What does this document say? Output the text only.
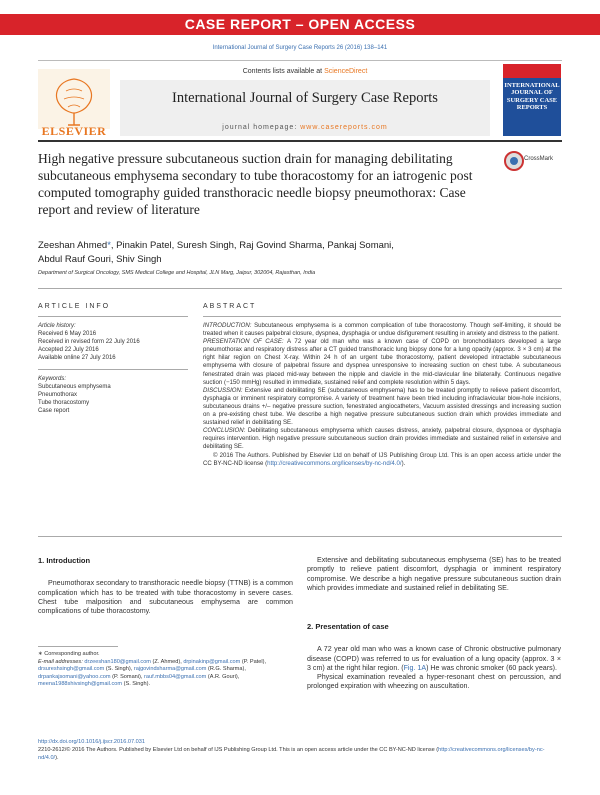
CASE REPORT – OPEN ACCESS
International Journal of Surgery Case Reports 26 (2016) 138–141
ELSEVIER
Contents lists available at ScienceDirect
International Journal of Surgery Case Reports
journal homepage: www.casereports.com
INTERNATIONAL JOURNAL OF SURGERY CASE REPORTS
High negative pressure subcutaneous suction drain for managing debilitating subcutaneous emphysema secondary to tube thoracostomy for an iatrogenic post computed tomography guided transthoracic needle biopsy pneumothorax: Case report and review of literature
CrossMark
Zeeshan Ahmed*, Pinakin Patel, Suresh Singh, Raj Govind Sharma, Pankaj Somani,
Abdul Rauf Gouri, Shiv Singh
Department of Surgical Oncology, SMS Medical College and Hospital, JLN Marg, Jaipur, 302004, Rajasthan, India
ARTICLE INFO	ABSTRACT
Article history:
Received 6 May 2016
Received in revised form 22 July 2016
Accepted 22 July 2016
Available online 27 July 2016
Keywords:
Subcutaneous emphysema
Pneumothorax
Tube thoracostomy
Case report

INTRODUCTION: Subcutaneous emphysema is a common complication of tube thoracostomy. Though self-limiting, it should be treated when it causes palpebral closure, dyspnea, dysphagia or undue disfigurement resulting in anxiety and distress to the patient.

PRESENTATION OF CASE: A 72 year old man who was a known case of COPD on bronchodilators developed a large pneumothorax and respiratory distress after a CT guided transthoracic lung biopsy done for a lung opacity (approx. 3 × 3 cm) at the right hilar region on Chest X-ray. Within 24 h of an urgent tube thoracostomy, patient developed intractable subcutaneous emphysema with closure of palpebral fissure and dyspnea unresponsive to increasing suction on chest tube. A subcutaneous fenestrated drain was placed mid-way between the nipple and clavicle in the mid-clavicular line bilaterally. Continuous negative suction (−150 mmHg) resulted in immediate, sustained relief and complete resolution within 5 days.

DISCUSSION: Extensive and debilitating SE (subcutaneous emphysema) has to be treated promptly to relieve patient discomfort, dysphagia or imminent respiratory compromise. A variety of treatment have been tried including infraclavicular blow-hole incisions, subcutaneous drains +/– negative pressure suction, fenestrated angiocatheters, Vacuum assisted dressings and increasing suction on a pre-existing chest tube. We describe a high negative pressure subcutaneous suction drain which provides immediate and sustained relief in debilitating SE.

CONCLUSION: Debilitating subcutaneous emphysema which causes distress, anxiety, palpebral closure, dyspnoea or dysphagia requires intervention. High negative pressure subcutaneous suction drain provides immediate and sustained relief in extensive and debilitating SE.

© 2016 The Authors. Published by Elsevier Ltd on behalf of IJS Publishing Group Ltd. This is an open access article under the CC BY-NC-ND license (http://creativecommons.org/licenses/by-nc-nd/4.0/).

1. Introduction

Pneumothorax secondary to transthoracic needle biopsy (TTNB) is a common complication which has to be treated with tube thoracostomy in severe cases. Chest tube malposition and subcutaneous emphysema are common complications of tube thoracostomy.

Extensive and debilitating subcutaneous emphysema (SE) has to be treated promptly to relieve patient discomfort, dysphagia or imminent respiratory compromise. We describe a high negative pressure subcutaneous suction drain which provides immediate and sustained relief in debilitating SE.

2. Presentation of case

A 72 year old man who was a known case of Chronic obstructive pulmonary disease (COPD) was referred to us for evaluation of a lung opacity (approx. 3 × 3 cm) at the right hilar region. (Fig. 1A) He was chronic smoker (60 pack years).

Physical examination revealed a hyper-resonant chest on percussion, and prolonged expiration with wheezing on auscultation.

∗ Corresponding author.
E-mail addresses: drzeeshan180@gmail.com (Z. Ahmed), drpinakinp@gmail.com (P. Patel), drsureshsingh@gmail.com (S. Singh), rajgovindsharma@gmail.com (R.G. Sharma), drpankajsomani@yahoo.com (P. Somani), rauf.mbbs04@gmail.com (A.R. Gouri), meena1988shivsingh@gmail.com (S. Singh).
http://dx.doi.org/10.1016/j.ijscr.2016.07.031
2210-2612/© 2016 The Authors. Published by Elsevier Ltd on behalf of IJS Publishing Group Ltd. This is an open access article under the CC BY-NC-ND license (http://creativecommons.org/licenses/by-nc-nd/4.0/).
